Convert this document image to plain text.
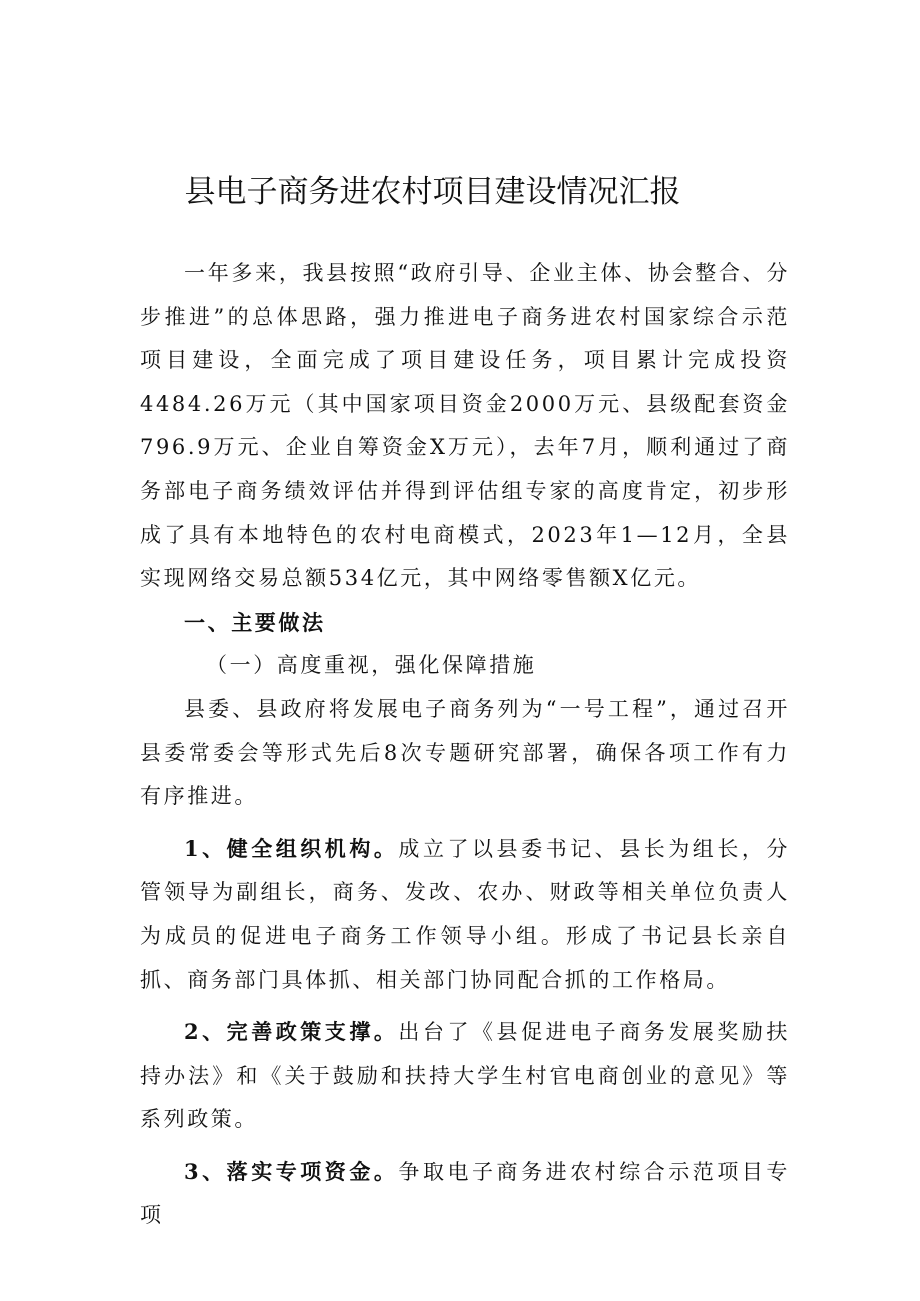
县电子商务进农村项目建设情况汇报

一年多来，我县按照“政府引导、企业主体、协会整合、分步推进”的总体思路，强力推进电子商务进农村国家综合示范项目建设，全面完成了项目建设任务，项目累计完成投资4484.26万元（其中国家项目资金2000万元、县级配套资金796.9万元、企业自筹资金X万元），去年7月，顺利通过了商务部电子商务绩效评估并得到评估组专家的高度肯定，初步形成了具有本地特色的农村电商模式，2023年1—12月，全县实现网络交易总额534亿元，其中网络零售额X亿元。

一、主要做法

（一）高度重视，强化保障措施

县委、县政府将发展电子商务列为“一号工程”，通过召开县委常委会等形式先后8次专题研究部署，确保各项工作有力有序推进。

1、健全组织机构。成立了以县委书记、县长为组长，分管领导为副组长，商务、发改、农办、财政等相关单位负责人为成员的促进电子商务工作领导小组。形成了书记县长亲自抓、商务部门具体抓、相关部门协同配合抓的工作格局。

2、完善政策支撑。出台了《县促进电子商务发展奖励扶持办法》和《关于鼓励和扶持大学生村官电商创业的意见》等系列政策。

3、落实专项资金。争取电子商务进农村综合示范项目专项
